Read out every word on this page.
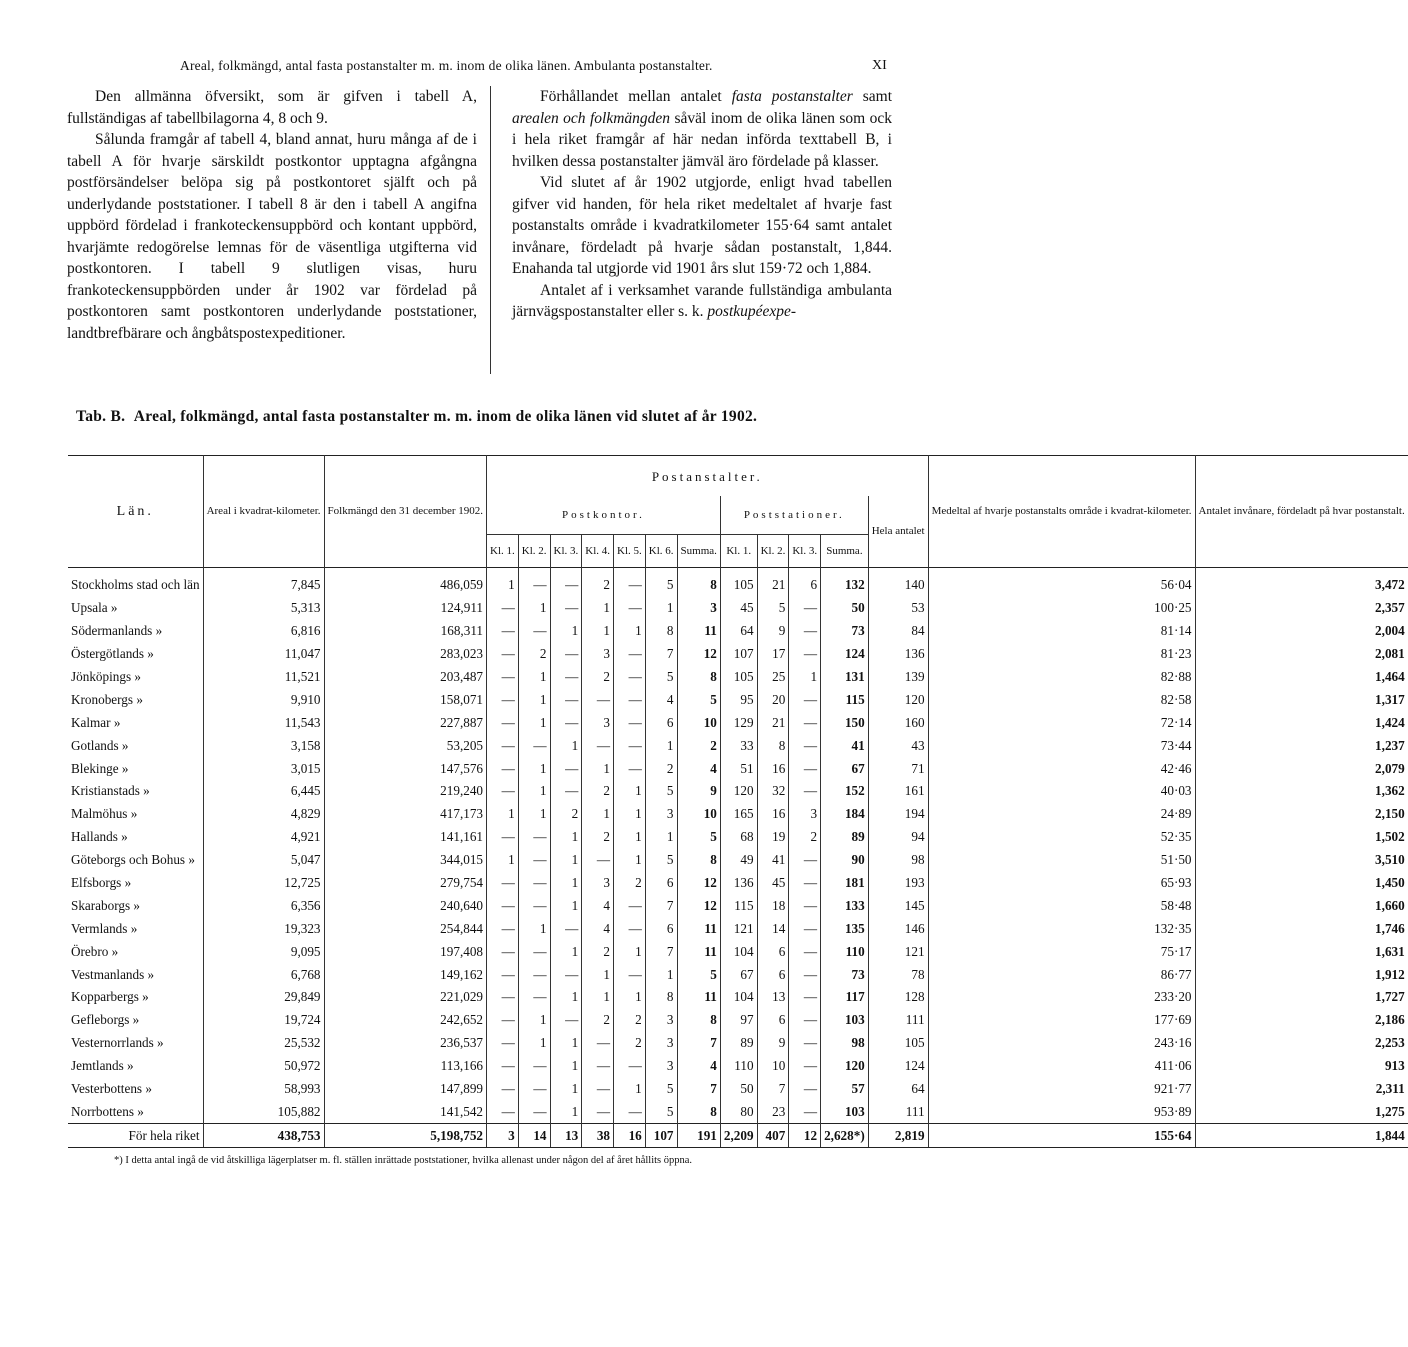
Areal, folkmängd, antal fasta postanstalter m. m. inom de olika länen. Ambulanta postanstalter.	XI

Den allmänna öfversikt, som är gifven i tabell A, fullständigas af tabellbilagorna 4, 8 och 9.

Sålunda framgår af tabell 4, bland annat, huru många af de i tabell A för hvarje särskildt postkontor upptagna afgångna postförsändelser belöpa sig på postkontoret själft och på underlydande poststationer. I tabell 8 är den i tabell A angifna uppbörd fördelad i frankoteckensuppbörd och kontant uppbörd, hvarjämte redogörelse lemnas för de väsentliga utgifterna vid postkontoren. I tabell 9 slutligen visas, huru frankoteckensuppbörden under år 1902 var fördelad på postkontoren samt postkontoren underlydande poststationer, landtbrefbärare och ångbåtspostexpeditioner.

Förhållandet mellan antalet fasta postanstalter samt arealen och folkmängden såväl inom de olika länen som ock i hela riket framgår af här nedan införda texttabell B, i hvilken dessa postanstalter jämväl äro fördelade på klasser.

Vid slutet af år 1902 utgjorde, enligt hvad tabellen gifver vid handen, för hela riket medeltalet af hvarje fast postanstalts område i kvadratkilometer 155·64 samt antalet invånare, fördeladt på hvarje sådan postanstalt, 1,844. Enahanda tal utgjorde vid 1901 års slut 159·72 och 1,884.

Antalet af i verksamhet varande fullständiga ambulanta järnvägspostanstalter eller s. k. postkupéexpe-

Tab. B. Areal, folkmängd, antal fasta postanstalter m. m. inom de olika länen vid slutet af år 1902.
Län.	Areal i kvadrat-kilometer.	Folkmängd den 31 december 1902.	Postanstalter.												Medeltal af hvarje postanstalts område i kvadrat-kilometer.	Antalet invånare, fördeladt på hvar postanstalt.
			Postkontor.							Poststationer.				Hela antalet		
			Kl. 1.	Kl. 2.	Kl. 3.	Kl. 4.	Kl. 5.	Kl. 6.	Summa.	Kl. 1.	Kl. 2.	Kl. 3.	Summa.			
Stockholms stad och län	7,845	486,059	1	—	—	2	—	5	8	105	21	6	132	140	56·04	3,472
Upsala »	5,313	124,911	—	1	—	1	—	1	3	45	5	—	50	53	100·25	2,357
Södermanlands »	6,816	168,311	—	—	1	1	1	8	11	64	9	—	73	84	81·14	2,004
Östergötlands »	11,047	283,023	—	2	—	3	—	7	12	107	17	—	124	136	81·23	2,081
Jönköpings »	11,521	203,487	—	1	—	2	—	5	8	105	25	1	131	139	82·88	1,464
Kronobergs »	9,910	158,071	—	1	—	—	—	4	5	95	20	—	115	120	82·58	1,317
Kalmar »	11,543	227,887	—	1	—	3	—	6	10	129	21	—	150	160	72·14	1,424
Gotlands »	3,158	53,205	—	—	1	—	—	1	2	33	8	—	41	43	73·44	1,237
Blekinge »	3,015	147,576	—	1	—	1	—	2	4	51	16	—	67	71	42·46	2,079
Kristianstads »	6,445	219,240	—	1	—	2	1	5	9	120	32	—	152	161	40·03	1,362
Malmöhus »	4,829	417,173	1	1	2	1	1	3	10	165	16	3	184	194	24·89	2,150
Hallands »	4,921	141,161	—	—	1	2	1	1	5	68	19	2	89	94	52·35	1,502
Göteborgs och Bohus »	5,047	344,015	1	—	1	—	1	5	8	49	41	—	90	98	51·50	3,510
Elfsborgs »	12,725	279,754	—	—	1	3	2	6	12	136	45	—	181	193	65·93	1,450
Skaraborgs »	6,356	240,640	—	—	1	4	—	7	12	115	18	—	133	145	58·48	1,660
Vermlands »	19,323	254,844	—	1	—	4	—	6	11	121	14	—	135	146	132·35	1,746
Örebro »	9,095	197,408	—	—	1	2	1	7	11	104	6	—	110	121	75·17	1,631
Vestmanlands »	6,768	149,162	—	—	—	1	—	1	5	67	6	—	73	78	86·77	1,912
Kopparbergs »	29,849	221,029	—	—	1	1	1	8	11	104	13	—	117	128	233·20	1,727
Gefleborgs »	19,724	242,652	—	1	—	2	2	3	8	97	6	—	103	111	177·69	2,186
Vesternorrlands »	25,532	236,537	—	1	1	—	2	3	7	89	9	—	98	105	243·16	2,253
Jemtlands »	50,972	113,166	—	—	1	—	—	3	4	110	10	—	120	124	411·06	913
Vesterbottens »	58,993	147,899	—	—	1	—	1	5	7	50	7	—	57	64	921·77	2,311
Norrbottens »	105,882	141,542	—	—	1	—	—	5	8	80	23	—	103	111	953·89	1,275
För hela riket	438,753	5,198,752	3	14	13	38	16	107	191	2,209	407	12	2,628*)	2,819	155·64	1,844
*) I detta antal ingå de vid åtskilliga lägerplatser m. fl. ställen inrättade poststationer, hvilka allenast under någon del af året hållits öppna.
